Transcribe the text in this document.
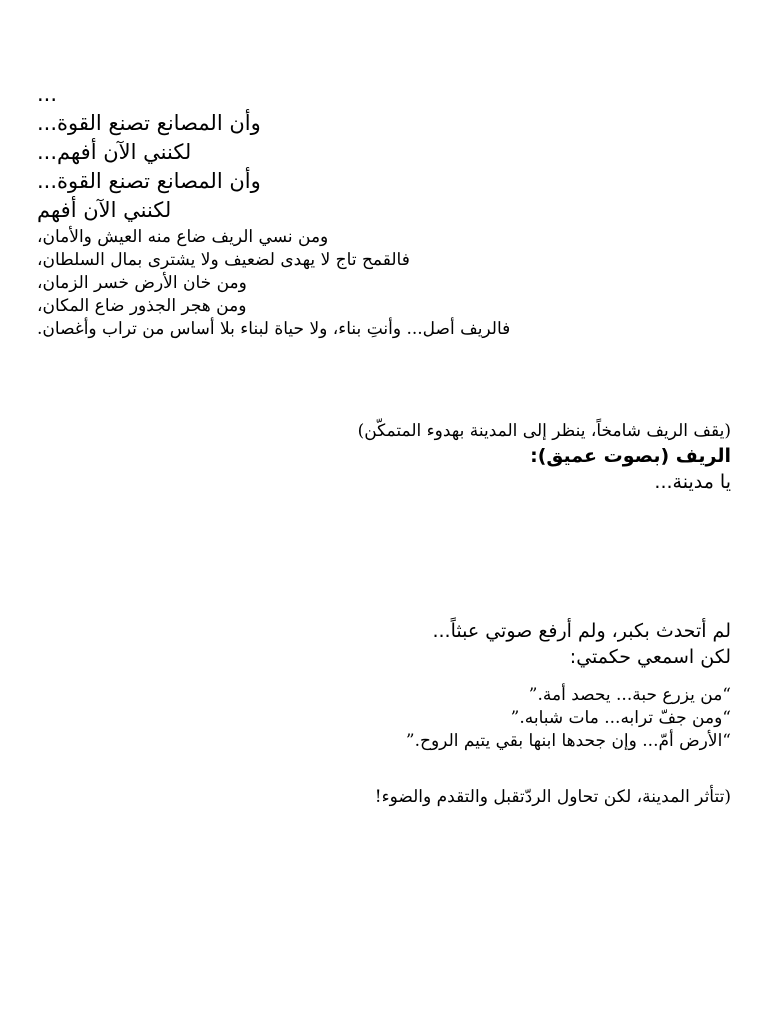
...
وأن المصانع تصنع القوة...
لكنني الآن أفهم...
وأن المصانع تصنع القوة...
لكنني الآن أفهم
ومن نسي الريف ضاع منه العيش والأمان،
فالقمح تاج لا يهدى لضعيف ولا يشترى بمال السلطان،
ومن خان الأرض خسر الزمان،
ومن هجر الجذور ضاع المكان،
فالريف أصل... وأنتِ بناء، ولا حياة لبناء بلا أساس من تراب وأغصان.
(يقف الريف شامخاً، ينظر إلى المدينة بهدوء المتمكّن)
الريف (بصوت عميق):
يا مدينة...
لم أتحدث بكبر، ولم أرفع صوتي عبثاً...
لكن اسمعي حكمتي:
“من يزرع حبة... يحصد أمة.”
“ومن جفّ ترابه... مات شبابه.”
“الأرض أمّ... وإن جحدها ابنها بقي يتيم الروح.”
(تتأثر المدينة، لكن تحاول الردّتقبل والتقدم والضوء!
